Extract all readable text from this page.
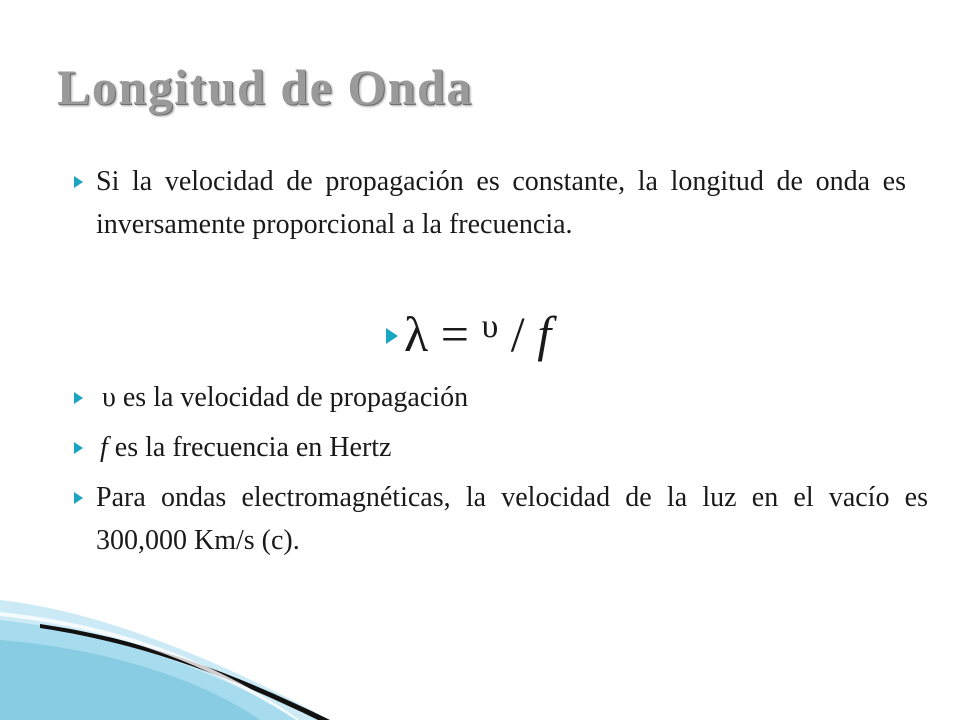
Longitud de Onda
Si la velocidad de propagación es constante, la longitud de onda es inversamente proporcional a la frecuencia.
λ = $^\upsilon$ / f
υ es la velocidad de propagación
f es la frecuencia en Hertz
Para ondas electromagnéticas, la velocidad de la luz en el vacío es 300,000 Km/s (c).
